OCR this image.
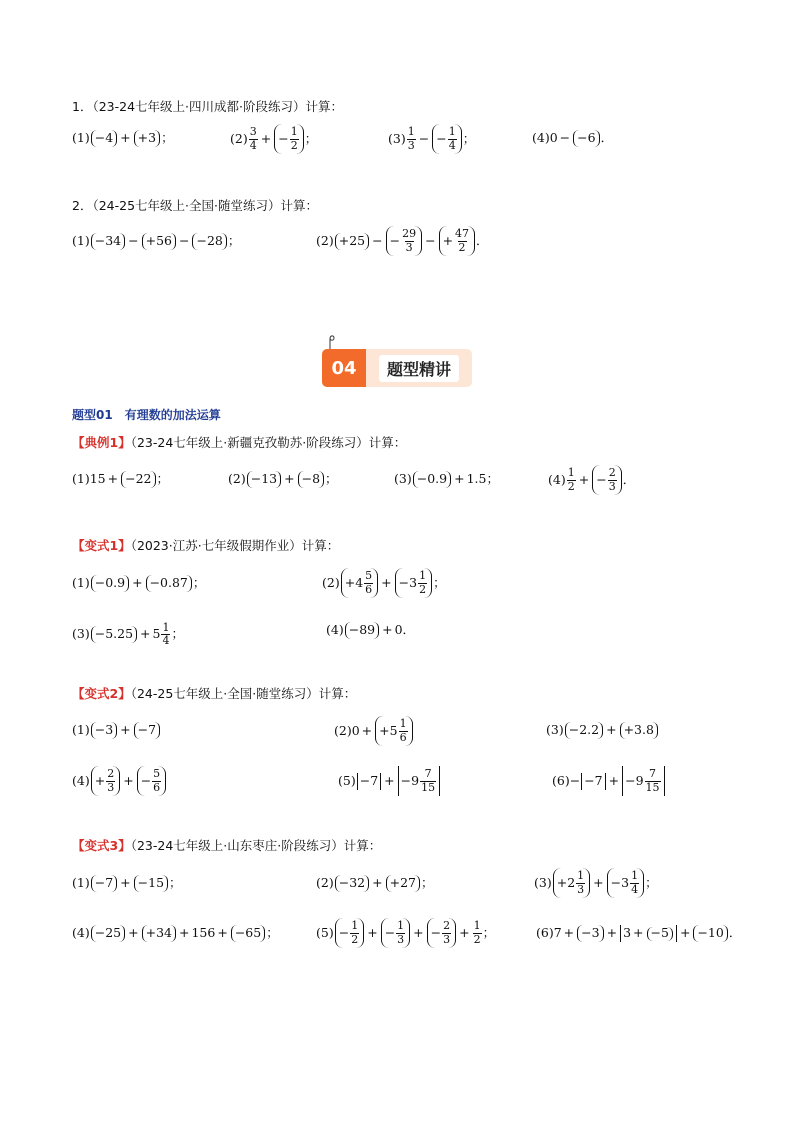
1．（23-24七年级上·四川成都·阶段练习）计算：
(1) −4 + +3 ；	$(2) \frac{3}{4}$ + − $\frac{1}{2}$ ；	$(3) \frac{1}{3}$ − − $\frac{1}{4}$ ；	(4) 0 − −6 ．
2．（24-25七年级上·全国·随堂练习）计算：
(1) −34 − +56 − −28 ；	(2) +25 − − $\frac{29}{3}$ − + $\frac{47}{2}$ ．
04	题型精讲
题型01　有理数的加法运算
【典例1】（23-24七年级上·新疆克孜勒苏·阶段练习）计算：
(1)15 + −22 ；	(2) −13 + −8 ；	(3) −0.9 + 1.5；	$(4) \frac{1}{2}$ + − $\frac{2}{3}$ ．
【变式1】（2023·江苏·七年级假期作业）计算：
(1) −0.9 + −0.87 ；	$(2) +4 \frac{5}{6} + -3 \frac{1}{2}$ ；
$(3) -5.25 + 5 \frac{1}{4}$ ；	(4) −89 + 0．
【变式2】（24-25七年级上·全国·随堂练习）计算：
(1) −3 + −7	$(2)0 + +5 \frac{1}{6}$	(3) −2.2 + +3.8
$(4) + \frac{2}{3}$ + − $\frac{5}{6}$	$(5) -7 + -9 \frac{7}{15}$	$(6)- -7 + -9 \frac{7}{15}$
【变式3】（23-24七年级上·山东枣庄·阶段练习）计算：
(1) −7 + −15 ；	(2) −32 + +27 ；	$(3) +2 \frac{1}{3} + -3 \frac{1}{4}$ ；
(4) −25 + +34 + 156 + −65 ；	$(5) - \frac{1}{2}$ + − $\frac{1}{3}$ + − $\frac{2}{3} + \frac{1}{2}$ ；	(6)7 + −3 + 3 + −5 + −10 ．
